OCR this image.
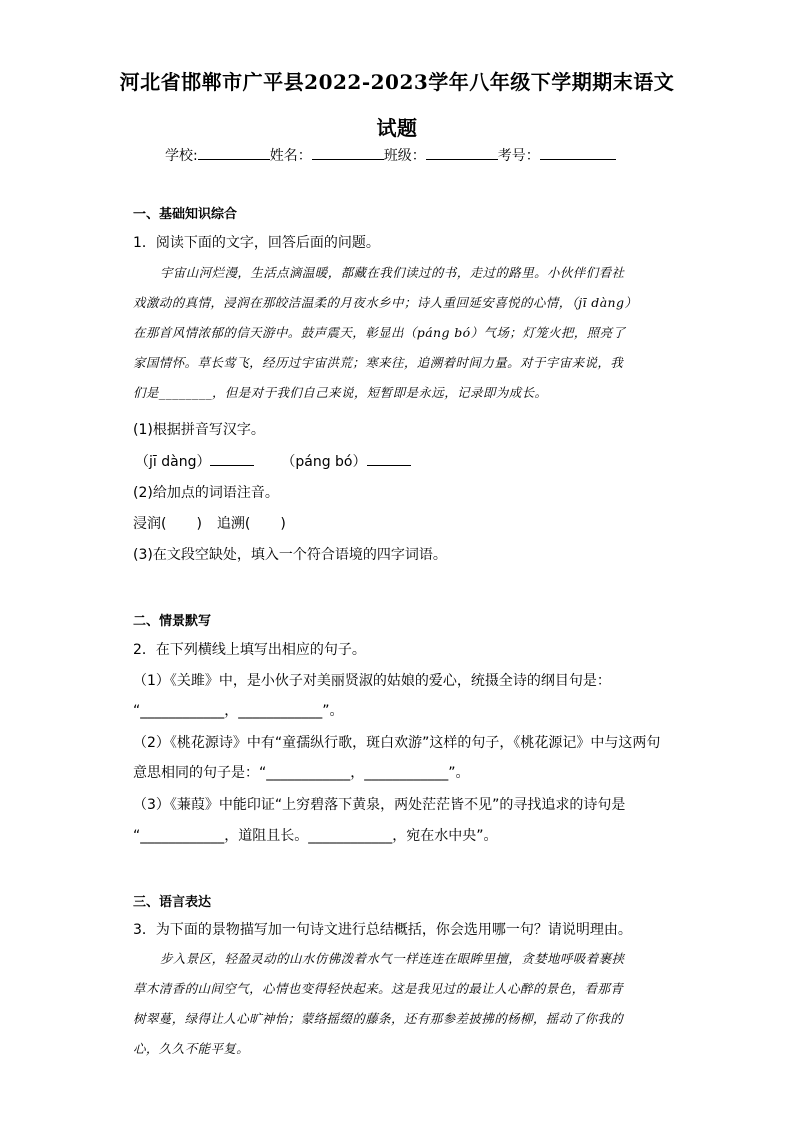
河北省邯郸市广平县2022-2023学年八年级下学期期末语文
试题
学校:	姓名：	班级：	考号：
一、基础知识综合
1．阅读下面的文字，回答后面的问题。

宇宙山河烂漫，生活点滴温暖，都藏在我们读过的书，走过的路里。小伙伴们看社

戏激动的真情，浸润在那皎洁温柔的月夜水乡中；诗人重回延安喜悦的心情，（jī dàng）

在那首风情浓郁的信天游中。鼓声震天，彰显出（páng bó）气场；灯笼火把，照亮了

家国情怀。草长莺飞，经历过宇宙洪荒；寒来往，追溯着时间力量。对于宇宙来说，我

们是________，但是对于我们自己来说，短暂即是永远，记录即为成长。

(1)根据拼音写汉字。
（jī dàng）	（páng bó）
(2)给加点的词语注音。
浸润( ) 追溯( )
(3)在文段空缺处，填入一个符合语境的四字词语。
二、情景默写
2．在下列横线上填写出相应的句子。
（1）《关雎》中，是小伙子对美丽贤淑的姑娘的爱心，统摄全诗的纲目句是：
“____________，____________”。
（2）《桃花源诗》中有“童孺纵行歌，斑白欢游”这样的句子，《桃花源记》中与这两句
意思相同的句子是：“____________，____________”。
（3）《蒹葭》中能印证“上穷碧落下黄泉，两处茫茫皆不见”的寻找追求的诗句是
“____________，道阻且长。____________，宛在水中央”。
三、语言表达
3．为下面的景物描写加一句诗文进行总结概括，你会选用哪一句？请说明理由。

步入景区，轻盈灵动的山水仿佛泼着水气一样连连在眼眸里擅，贪婪地呼吸着裹挟

草木清香的山间空气，心情也变得轻快起来。这是我见过的最让人心醉的景色，看那青

树翠蔓，绿得让人心旷神怡；蒙络摇缀的藤条，还有那参差披拂的杨柳，摇动了你我的

心，久久不能平复。
